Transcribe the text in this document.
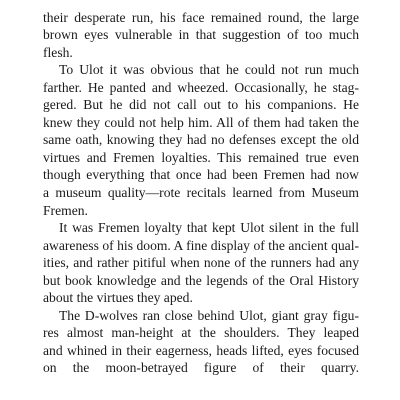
their desperate run, his face remained round, the large
brown eyes vulnerable in that suggestion of too much
flesh.

To Ulot it was obvious that he could not run much
farther. He panted and wheezed. Occasionally, he stag-
gered. But he did not call out to his companions. He
knew they could not help him. All of them had taken the
same oath, knowing they had no defenses except the old
virtues and Fremen loyalties. This remained true even
though everything that once had been Fremen had now
a museum quality—rote recitals learned from Museum
Fremen.

It was Fremen loyalty that kept Ulot silent in the full
awareness of his doom. A fine display of the ancient qual-
ities, and rather pitiful when none of the runners had any
but book knowledge and the legends of the Oral History
about the virtues they aped.

The D-wolves ran close behind Ulot, giant gray figu-
res almost man-height at the shoulders. They leaped
and whined in their eagerness, heads lifted, eyes focused
on the moon-betrayed figure of their quarry.
